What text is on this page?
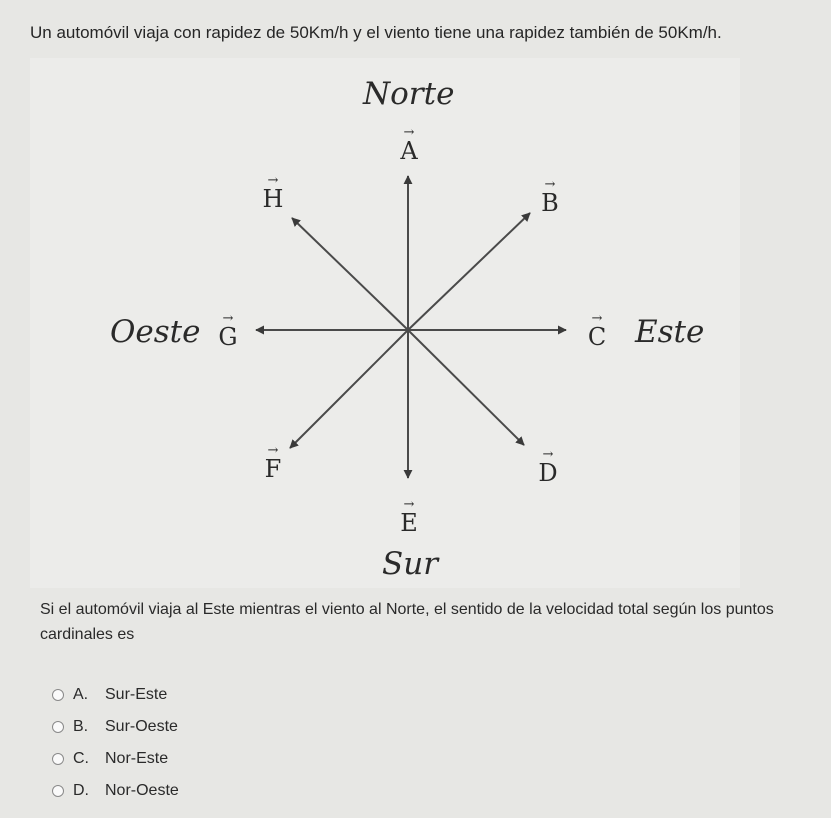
Un automóvil viaja con rapidez de 50Km/h y el viento tiene una rapidez también de 50Km/h.
Norte
Sur
Este
Oeste
→
A
→
B
→
C
→
D
→
E
→
F
→
G
→
H
Si el automóvil viaja al Este mientras el viento al Norte, el sentido de la velocidad total según los puntos cardinales es
A.	Sur-Este
B.	Sur-Oeste
C.	Nor-Este
D.	Nor-Oeste
